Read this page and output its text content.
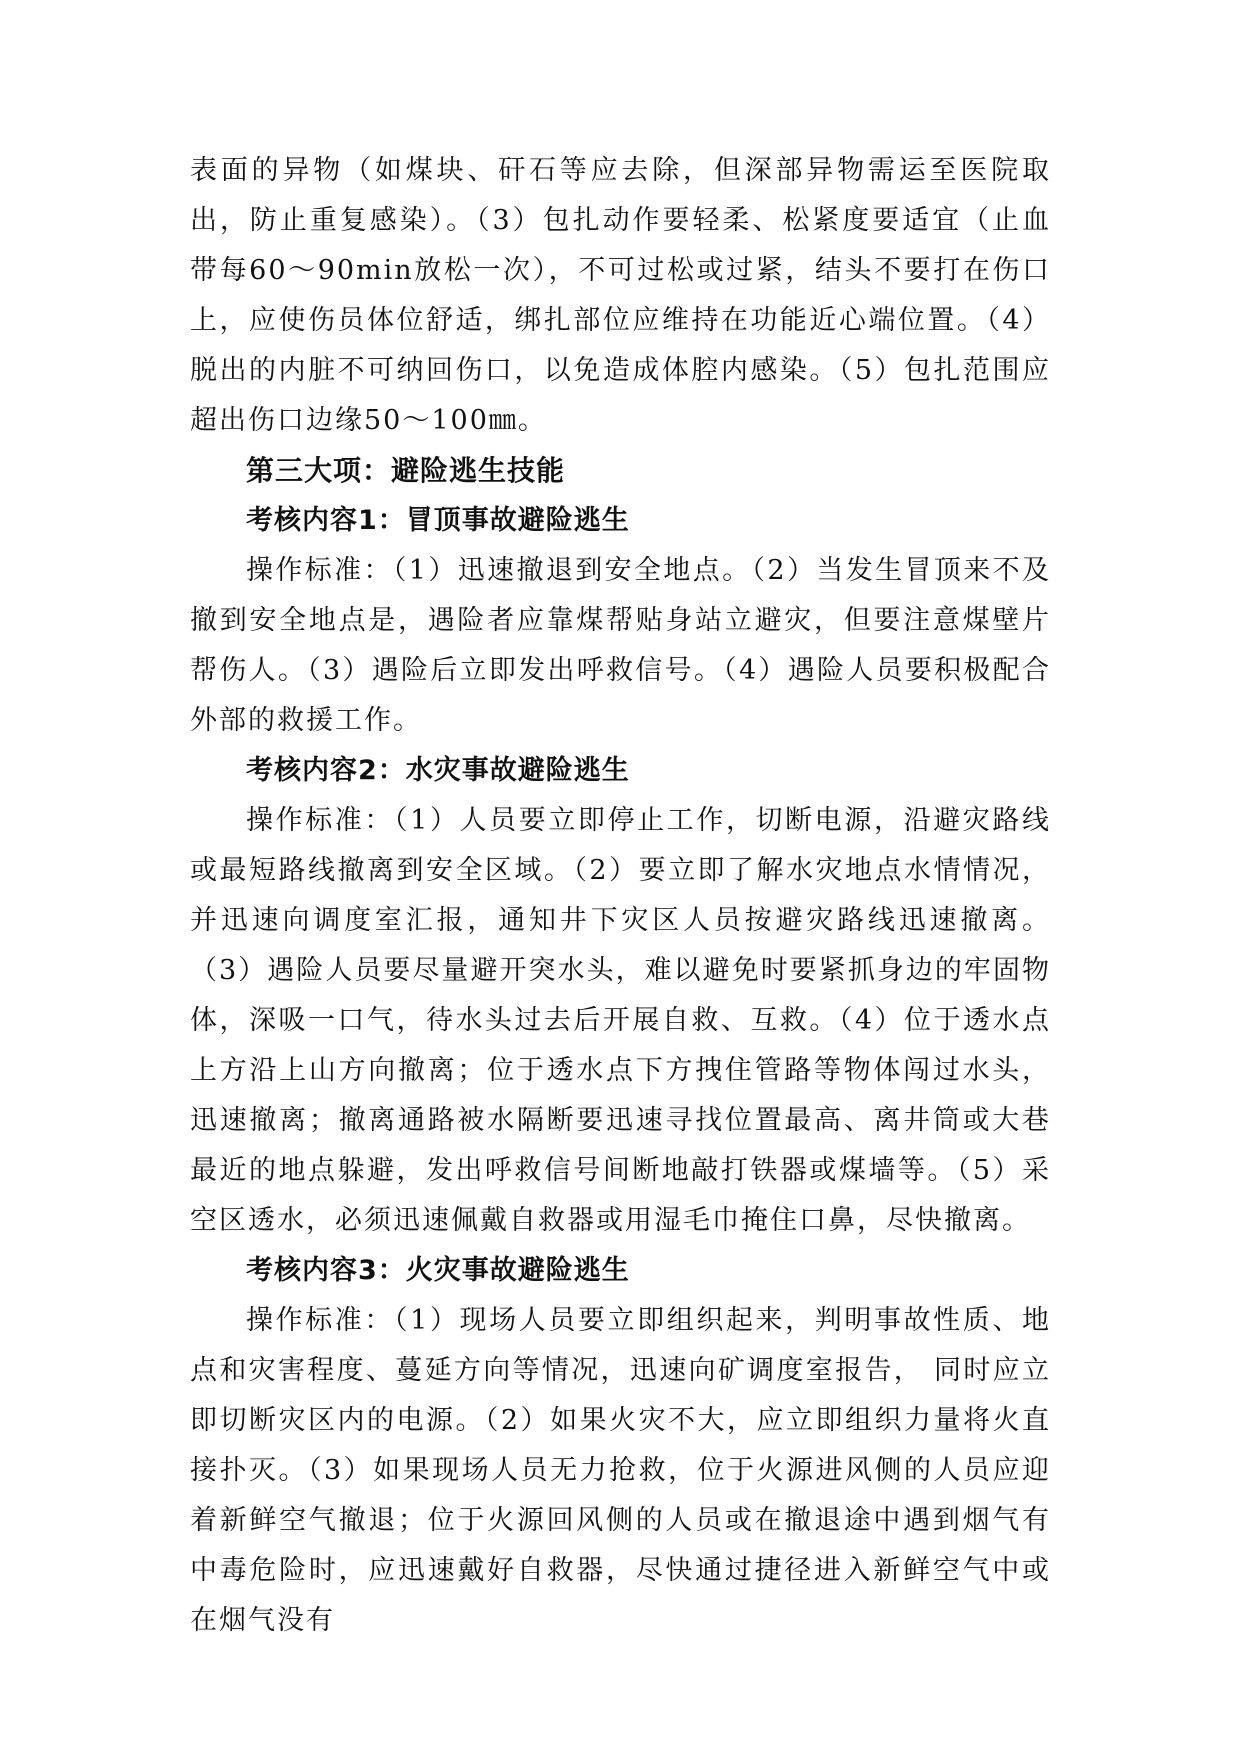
表面的异物（如煤块、矸石等应去除，但深部异物需运至医院取出，防止重复感染）。（3）包扎动作要轻柔、松紧度要适宜（止血带每60～90min放松一次），不可过松或过紧，结头不要打在伤口上，应使伤员体位舒适，绑扎部位应维持在功能近心端位置。（4）脱出的内脏不可纳回伤口，以免造成体腔内感染。（5）包扎范围应超出伤口边缘50～100㎜。

第三大项：避险逃生技能

考核内容1：冒顶事故避险逃生

操作标准：（1）迅速撤退到安全地点。（2）当发生冒顶来不及撤到安全地点是，遇险者应靠煤帮贴身站立避灾，但要注意煤壁片帮伤人。（3）遇险后立即发出呼救信号。（4）遇险人员要积极配合外部的救援工作。

考核内容2：水灾事故避险逃生

操作标准：（1）人员要立即停止工作，切断电源，沿避灾路线或最短路线撤离到安全区域。（2）要立即了解水灾地点水情情况，并迅速向调度室汇报，通知井下灾区人员按避灾路线迅速撤离。（3）遇险人员要尽量避开突水头，难以避免时要紧抓身边的牢固物体，深吸一口气，待水头过去后开展自救、互救。（4）位于透水点上方沿上山方向撤离；位于透水点下方拽住管路等物体闯过水头，迅速撤离；撤离通路被水隔断要迅速寻找位置最高、离井筒或大巷最近的地点躲避，发出呼救信号间断地敲打铁器或煤墙等。（5）采空区透水，必须迅速佩戴自救器或用湿毛巾掩住口鼻，尽快撤离。

考核内容3：火灾事故避险逃生

操作标准：（1）现场人员要立即组织起来，判明事故性质、地点和灾害程度、蔓延方向等情况，迅速向矿调度室报告， 同时应立即切断灾区内的电源。（2）如果火灾不大，应立即组织力量将火直接扑灭。（3）如果现场人员无力抢救，位于火源进风侧的人员应迎着新鲜空气撤退；位于火源回风侧的人员或在撤退途中遇到烟气有中毒危险时，应迅速戴好自救器，尽快通过捷径进入新鲜空气中或在烟气没有
